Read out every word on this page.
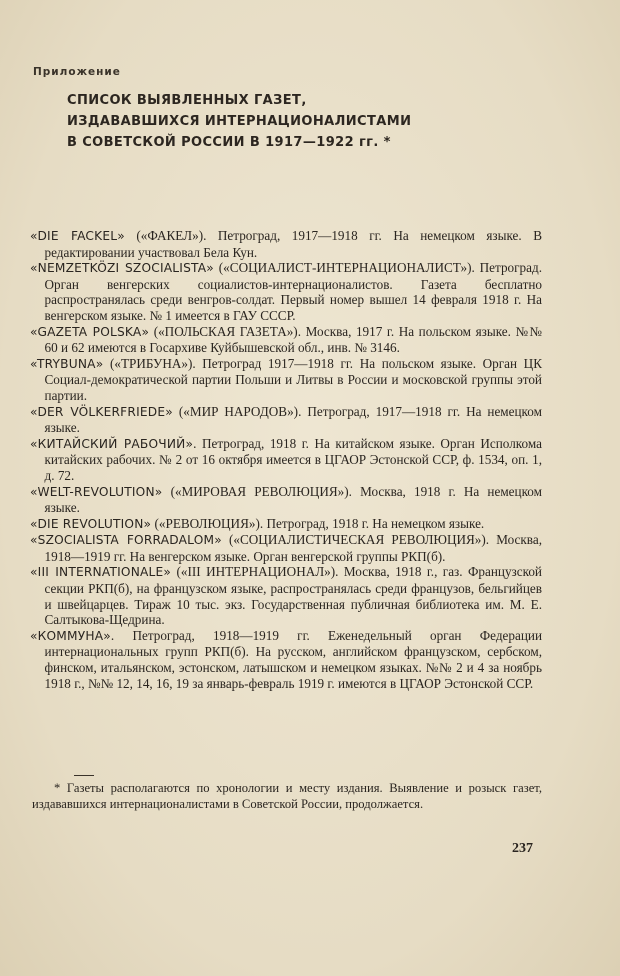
Приложение
СПИСОК ВЫЯВЛЕННЫХ ГАЗЕТ,
ИЗДАВАВШИХСЯ ИНТЕРНАЦИОНАЛИСТАМИ
В СОВЕТСКОЙ РОССИИ В 1917—1922 гг. *

«DIE FACKEL» («ФАКЕЛ»). Петроград, 1917—1918 гг. На немецком языке. В редактировании участвовал Бела Кун.

«NEMZETKÖZI SZOCIALISTA» («СОЦИАЛИСТ-ИНТЕРНАЦИОНАЛИСТ»). Петроград. Орган венгерских социалистов-интернационалистов. Газета бесплатно распространялась среди венгров-солдат. Первый номер вышел 14 февраля 1918 г. На венгерском языке. № 1 имеется в ГАУ СССР.

«GAZETA POLSKA» («ПОЛЬСКАЯ ГАЗЕТА»). Москва, 1917 г. На польском языке. №№ 60 и 62 имеются в Госархиве Куйбышевской обл., инв. № 3146.

«TRYBUNA» («ТРИБУНА»). Петроград 1917—1918 гг. На польском языке. Орган ЦК Социал-демократической партии Польши и Литвы в России и московской группы этой партии.

«DER VÖLKERFRIEDE» («МИР НАРОДОВ»). Петроград, 1917—1918 гг. На немецком языке.

«КИТАЙСКИЙ РАБОЧИЙ». Петроград, 1918 г. На китайском языке. Орган Исполкома китайских рабочих. № 2 от 16 октября имеется в ЦГАОР Эстонской ССР, ф. 1534, оп. 1, д. 72.

«WELT-REVOLUTION» («МИРОВАЯ РЕВОЛЮЦИЯ»). Москва, 1918 г. На немецком языке.

«DIE REVOLUTION» («РЕВОЛЮЦИЯ»). Петроград, 1918 г. На немецком языке.

«SZOCIALISTA FORRADALOM» («СОЦИАЛИСТИЧЕСКАЯ РЕВОЛЮЦИЯ»). Москва, 1918—1919 гг. На венгерском языке. Орган венгерской группы РКП(б).

«III INTERNATIONALE» («III ИНТЕРНАЦИОНАЛ»). Москва, 1918 г., газ. Французской секции РКП(б), на французском языке, распространялась среди французов, бельгийцев и швейцарцев. Тираж 10 тыс. экз. Государственная публичная библиотека им. М. Е. Салтыкова-Щедрина.

«КОММУНА». Петроград, 1918—1919 гг. Еженедельный орган Федерации интернациональных групп РКП(б). На русском, английском французском, сербском, финском, итальянском, эстонском, латышском и немецком языках. №№ 2 и 4 за ноябрь 1918 г., №№ 12, 14, 16, 19 за январь-февраль 1919 г. имеются в ЦГАОР Эстонской ССР.

* Газеты располагаются по хронологии и месту издания. Выявление и розыск газет, издававшихся интернационалистами в Советской России, продолжается.
237
